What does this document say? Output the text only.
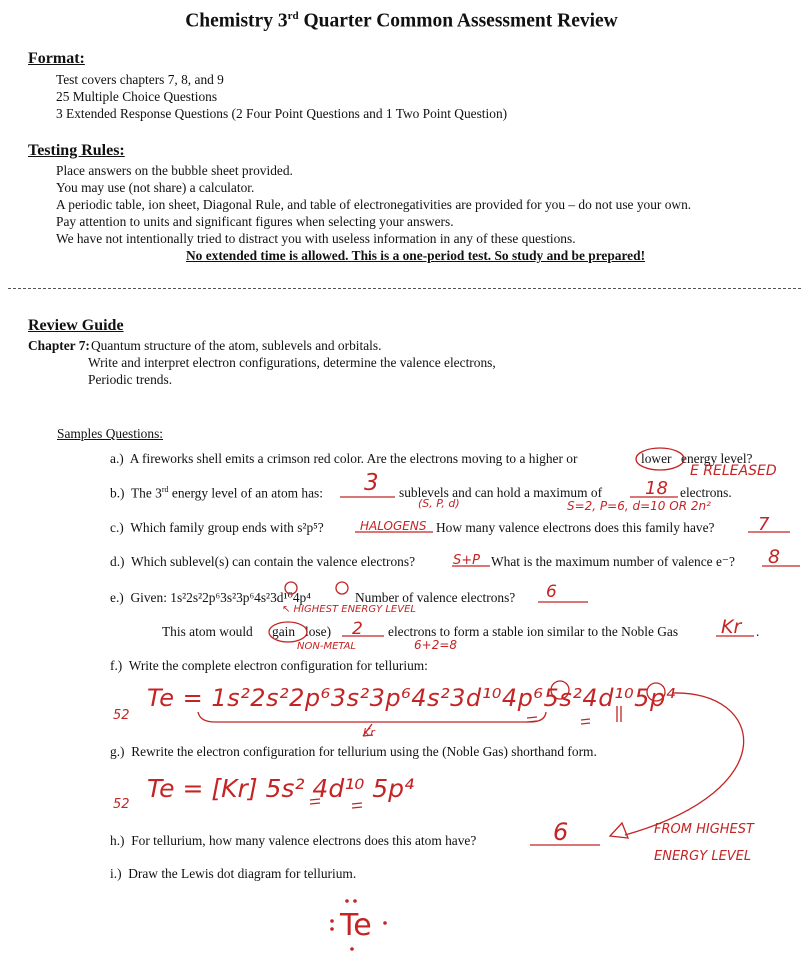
Chemistry 3rd Quarter Common Assessment Review
Format:
Test covers chapters 7, 8, and 9
25 Multiple Choice Questions
3 Extended Response Questions (2 Four Point Questions and 1 Two Point Question)
Testing Rules:
Place answers on the bubble sheet provided.
You may use (not share) a calculator.
A periodic table, ion sheet, Diagonal Rule, and table of electronegativities are provided for you – do not use your own.
Pay attention to units and significant figures when selecting your answers.
We have not intentionally tried to distract you with useless information in any of these questions.
No extended time is allowed. This is a one-period test. So study and be prepared!
Review Guide
Chapter 7: Quantum structure of the atom, sublevels and orbitals.
Write and interpret electron configurations, determine the valence electrons,
Periodic trends.
Samples Questions:
a.) A fireworks shell emits a crimson red color. Are the electrons moving to a higher or	lower energy level?
E RELEASED
b.) The 3rd energy level of an atom has: 3 sublevels and can hold a maximum of 18 electrons.
(S, P, d)	S=2, P=6, d=10 OR 2n²
c.) Which family group ends with s²p⁵?	HALOGENS How many valence electrons does this family have? 7
d.) Which sublevel(s) can contain the valence electrons?	S+P What is the maximum number of valence e⁻? 8
e.) Given: 1s²2s²2p⁶3s²3p⁶4s²3d¹⁰4p⁴	Number of valence electrons? 6
↖ HIGHEST ENERGY LEVEL
This atom would gain lose) 2 electrons to form a stable ion similar to the Noble Gas Kr .
NON-METAL	6+2=8
f.) Write the complete electron configuration for tellurium:
52
Te = 1s²2s²2p⁶3s²3p⁶4s²3d¹⁰4p⁶5s²4d¹⁰5p⁴
Kr
g.) Rewrite the electron configuration for tellurium using the (Noble Gas) shorthand form.
52
Te = [Kr] 5s² 4d¹⁰ 5p⁴
h.) For tellurium, how many valence electrons does this atom have?	6	FROM HIGHEST
ENERGY LEVEL
i.) Draw the Lewis dot diagram for tellurium.
Te
